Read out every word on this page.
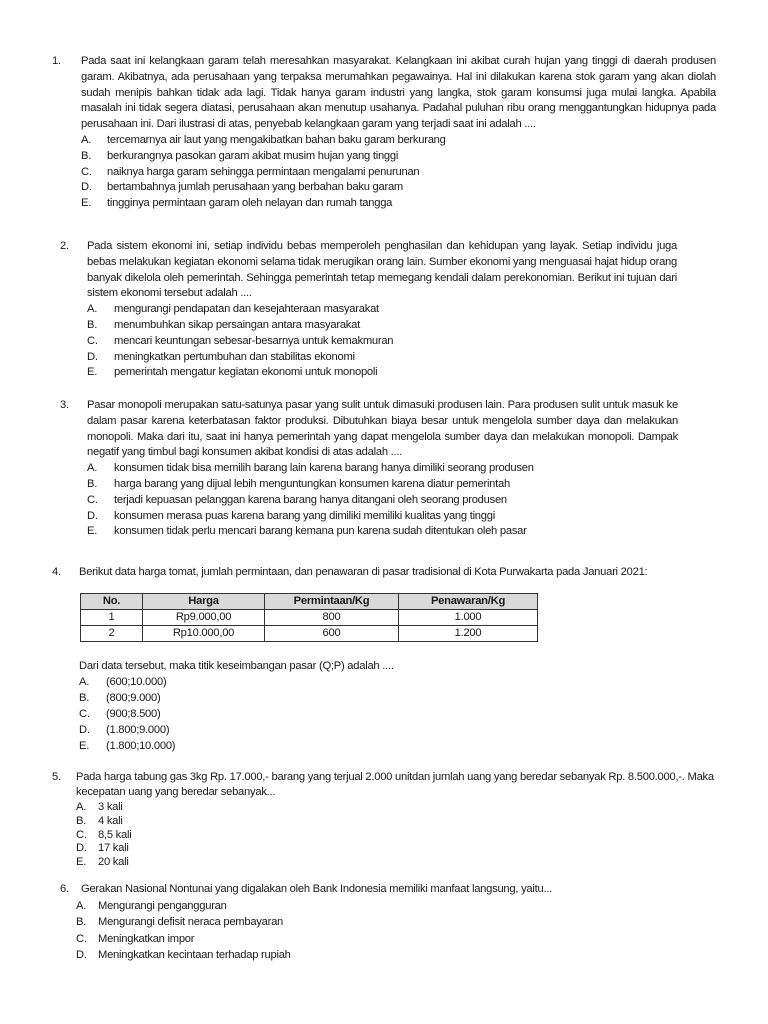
1. Pada saat ini kelangkaan garam telah meresahkan masyarakat. Kelangkaan ini akibat curah hujan yang tinggi di daerah produsen garam. Akibatnya, ada perusahaan yang terpaksa merumahkan pegawainya. Hal ini dilakukan karena stok garam yang akan diolah sudah menipis bahkan tidak ada lagi. Tidak hanya garam industri yang langka, stok garam konsumsi juga mulai langka. Apabila masalah ini tidak segera diatasi, perusahaan akan menutup usahanya. Padahal puluhan ribu orang menggantungkan hidupnya pada perusahaan ini. Dari ilustrasi di atas, penyebab kelangkaan garam yang terjadi saat ini adalah ....
A. tercemarnya air laut yang mengakibatkan bahan baku garam berkurang
B. berkurangnya pasokan garam akibat musim hujan yang tinggi
C. naiknya harga garam sehingga permintaan mengalami penurunan
D. bertambahnya jumlah perusahaan yang berbahan baku garam
E. tingginya permintaan garam oleh nelayan dan rumah tangga
2. Pada sistem ekonomi ini, setiap individu bebas memperoleh penghasilan dan kehidupan yang layak. Setiap individu juga bebas melakukan kegiatan ekonomi selama tidak merugikan orang lain. Sumber ekonomi yang menguasai hajat hidup orang banyak dikelola oleh pemerintah. Sehingga pemerintah tetap memegang kendali dalam perekonomian. Berikut ini tujuan dari sistem ekonomi tersebut adalah ....
A. mengurangi pendapatan dan kesejahteraan masyarakat
B. menumbuhkan sikap persaingan antara masyarakat
C. mencari keuntungan sebesar-besarnya untuk kemakmuran
D. meningkatkan pertumbuhan dan stabilitas ekonomi
E. pemerintah mengatur kegiatan ekonomi untuk monopoli
3. Pasar monopoli merupakan satu-satunya pasar yang sulit untuk dimasuki produsen lain. Para produsen sulit untuk masuk ke dalam pasar karena keterbatasan faktor produksi. Dibutuhkan biaya besar untuk mengelola sumber daya dan melakukan monopoli. Maka dari itu, saat ini hanya pemerintah yang dapat mengelola sumber daya dan melakukan monopoli. Dampak negatif yang timbul bagi konsumen akibat kondisi di atas adalah ....
A. konsumen tidak bisa memilih barang lain karena barang hanya dimiliki seorang produsen
B. harga barang yang dijual lebih menguntungkan konsumen karena diatur pemerintah
C. terjadi kepuasan pelanggan karena barang hanya ditangani oleh seorang produsen
D. konsumen merasa puas karena barang yang dimiliki memiliki kualitas yang tinggi
E. konsumen tidak perlu mencari barang kemana pun karena sudah ditentukan oleh pasar
4. Berikut data harga tomat, jumlah permintaan, dan penawaran di pasar tradisional di Kota Purwakarta pada Januari 2021:
No.	Harga	Permintaan/Kg	Penawaran/Kg
1	Rp9.000,00	800	1.000
2	Rp10.000,00	600	1.200
Dari data tersebut, maka titik keseimbangan pasar (Q;P) adalah ....
A. (600;10.000)
B. (800;9.000)
C. (900;8.500)
D. (1.800;9.000)
E. (1.800;10.000)
5. Pada harga tabung gas 3kg Rp. 17.000,- barang yang terjual 2.000 unitdan jumlah uang yang beredar sebanyak Rp. 8.500.000,-. Maka kecepatan uang yang beredar sebanyak...
A. 3 kali
B. 4 kali
C. 8,5 kali
D. 17 kali
E. 20 kali
6. Gerakan Nasional Nontunai yang digalakan oleh Bank Indonesia memiliki manfaat langsung, yaitu...
A. Mengurangi pengangguran
B. Mengurangi defisit neraca pembayaran
C. Meningkatkan impor
D. Meningkatkan kecintaan terhadap rupiah
